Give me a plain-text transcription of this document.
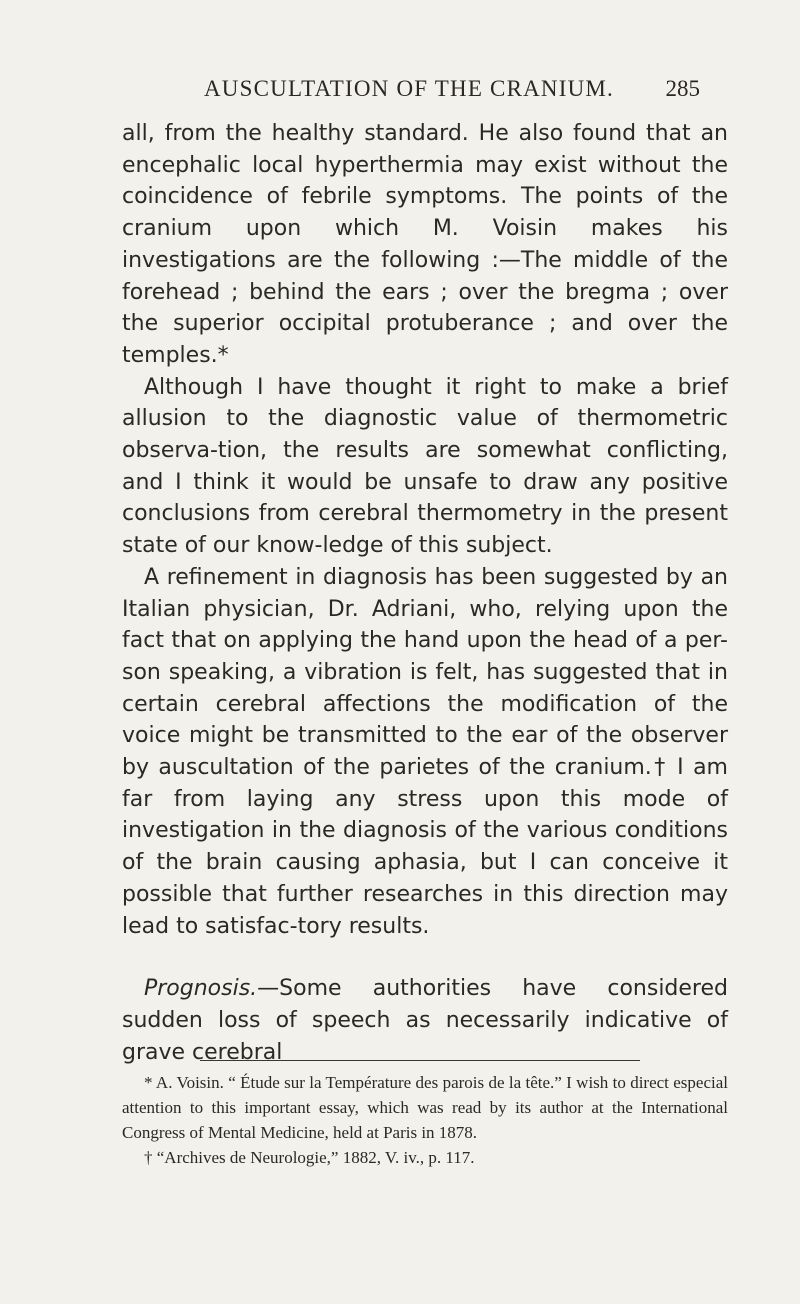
AUSCULTATION OF THE CRANIUM. 285

all, from the healthy standard. He also found that an encephalic local hyperthermia may exist without the coincidence of febrile symptoms. The points of the cranium upon which M. Voisin makes his investigations are the following :—The middle of the forehead ; behind the ears ; over the bregma ; over the superior occipital protuberance ; and over the temples.*

Although I have thought it right to make a brief allusion to the diagnostic value of thermometric observa-tion, the results are somewhat conflicting, and I think it would be unsafe to draw any positive conclusions from cerebral thermometry in the present state of our know-ledge of this subject.

A refinement in diagnosis has been suggested by an Italian physician, Dr. Adriani, who, relying upon the fact that on applying the hand upon the head of a per-son speaking, a vibration is felt, has suggested that in certain cerebral affections the modification of the voice might be transmitted to the ear of the observer by auscultation of the parietes of the cranium.† I am far from laying any stress upon this mode of investigation in the diagnosis of the various conditions of the brain causing aphasia, but I can conceive it possible that further researches in this direction may lead to satisfac-tory results.

Prognosis.—Some authorities have considered sudden loss of speech as necessarily indicative of grave cerebral

* A. Voisin. “ Étude sur la Température des parois de la tête.” I wish to direct especial attention to this important essay, which was read by its author at the International Congress of Mental Medicine, held at Paris in 1878.

† “Archives de Neurologie,” 1882, V. iv., p. 117.
